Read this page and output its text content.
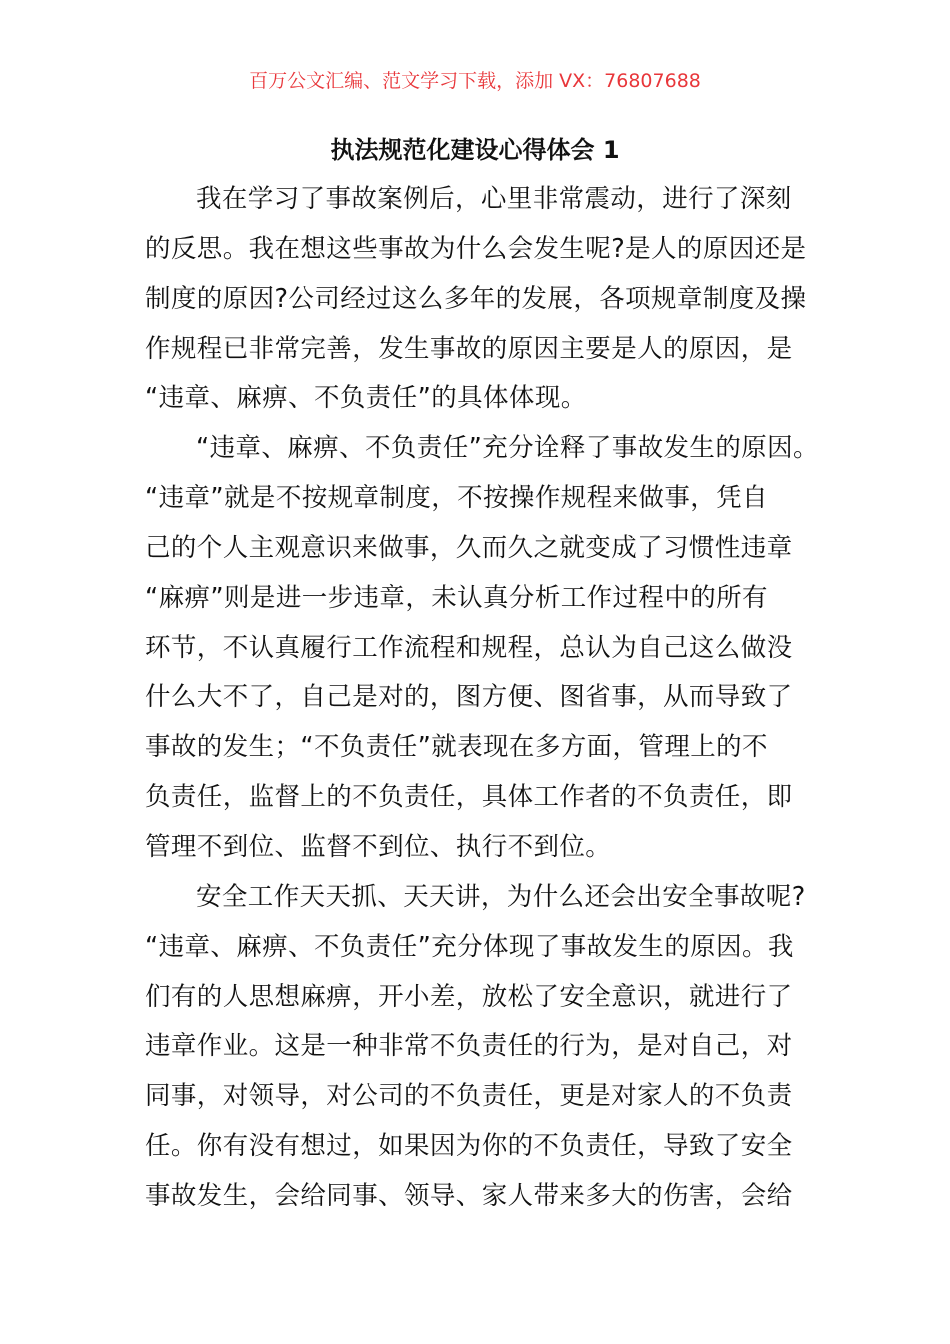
百万公文汇编、范文学习下载，添加 VX：76807688
执法规范化建设心得体会 1
我在学习了事故案例后，心里非常震动，进行了深刻
的反思。我在想这些事故为什么会发生呢?是人的原因还是
制度的原因?公司经过这么多年的发展，各项规章制度及操
作规程已非常完善，发生事故的原因主要是人的原因，是
“违章、麻痹、不负责任”的具体体现。
“违章、麻痹、不负责任”充分诠释了事故发生的原因。
“违章”就是不按规章制度，不按操作规程来做事，凭自
己的个人主观意识来做事，久而久之就变成了习惯性违章
“麻痹”则是进一步违章，未认真分析工作过程中的所有
环节，不认真履行工作流程和规程，总认为自己这么做没
什么大不了，自己是对的，图方便、图省事，从而导致了
事故的发生；“不负责任”就表现在多方面，管理上的不
负责任，监督上的不负责任，具体工作者的不负责任，即
管理不到位、监督不到位、执行不到位。
安全工作天天抓、天天讲，为什么还会出安全事故呢?
“违章、麻痹、不负责任”充分体现了事故发生的原因。我
们有的人思想麻痹，开小差，放松了安全意识，就进行了
违章作业。这是一种非常不负责任的行为，是对自己，对
同事，对领导，对公司的不负责任，更是对家人的不负责
任。你有没有想过，如果因为你的不负责任，导致了安全
事故发生，会给同事、领导、家人带来多大的伤害，会给
